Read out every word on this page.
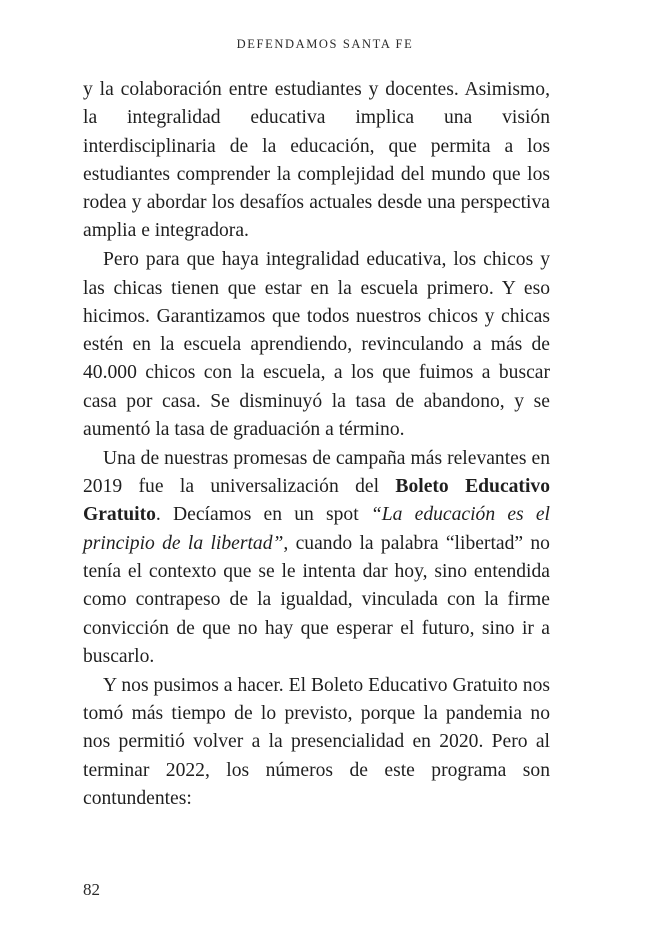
DEFENDAMOS SANTA FE

y la colaboración entre estudiantes y docentes. Asimismo, la integralidad educativa implica una visión interdisciplinaria de la educación, que permita a los estudiantes comprender la complejidad del mundo que los rodea y abordar los desafíos actuales desde una perspectiva amplia e integradora.

Pero para que haya integralidad educativa, los chicos y las chicas tienen que estar en la escuela primero. Y eso hicimos. Garantizamos que todos nuestros chicos y chicas estén en la escuela aprendiendo, revinculando a más de 40.000 chicos con la escuela, a los que fuimos a buscar casa por casa. Se disminuyó la tasa de abandono, y se aumentó la tasa de graduación a término.

Una de nuestras promesas de campaña más relevantes en 2019 fue la universalización del Boleto Educativo Gratuito. Decíamos en un spot “La educación es el principio de la libertad”, cuando la palabra “libertad” no tenía el contexto que se le intenta dar hoy, sino entendida como contrapeso de la igualdad, vinculada con la firme convicción de que no hay que esperar el futuro, sino ir a buscarlo.

Y nos pusimos a hacer. El Boleto Educativo Gratuito nos tomó más tiempo de lo previsto, porque la pandemia no nos permitió volver a la presencialidad en 2020. Pero al terminar 2022, los números de este programa son contundentes:

82
